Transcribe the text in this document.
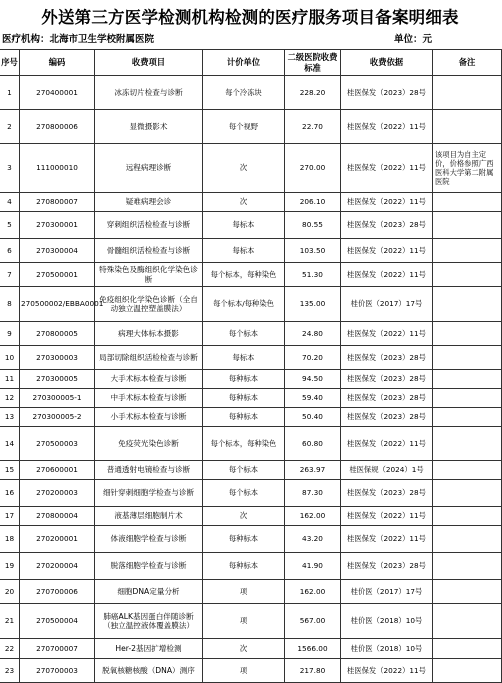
外送第三方医学检测机构检测的医疗服务项目备案明细表
医疗机构：北海市卫生学校附属医院	单位：元
序号	编码	收费项目	计价单位	二级医院收费标准	收费依据	备注
1	270400001	冰冻切片检查与诊断	每个冷冻块	228.20	桂医保发（2023）28号	
2	270800006	显微摄影术	每个视野	22.70	桂医保发（2022）11号	
3	111000010	远程病理诊断	次	270.00	桂医保发（2022）11号	该项目为自主定价，价格参照广西医科大学第二附属医院
4	270800007	疑难病理会诊	次	206.10	桂医保发（2022）11号	
5	270300001	穿刺组织活检检查与诊断	每标本	80.55	桂医保发（2023）28号	
6	270300004	骨髓组织活检检查与诊断	每标本	103.50	桂医保发（2022）11号	
7	270500001	特殊染色及酶组织化学染色诊断	每个标本，每种染色	51.30	桂医保发（2022）11号	
8	270500002/EBBA0001	免疫组织化学染色诊断（全自动独立温控塑盖膜法）	每个标本/每种染色	135.00	桂价医（2017）17号	
9	270800005	病理大体标本摄影	每个标本	24.80	桂医保发（2022）11号	
10	270300003	局部切除组织活检检查与诊断	每标本	70.20	桂医保发（2023）28号	
11	270300005	大手术标本检查与诊断	每种标本	94.50	桂医保发（2023）28号	
12	270300005-1	中手术标本检查与诊断	每种标本	59.40	桂医保发（2023）28号	
13	270300005-2	小手术标本检查与诊断	每种标本	50.40	桂医保发（2023）28号	
14	270500003	免疫荧光染色诊断	每个标本，每种染色	60.80	桂医保发（2022）11号	
15	270600001	普通透射电镜检查与诊断	每个标本	263.97	桂医保规（2024）1号	
16	270200003	细针穿刺细胞学检查与诊断	每个标本	87.30	桂医保发（2023）28号	
17	270800004	液基薄层细胞制片术	次	162.00	桂医保发（2022）11号	
18	270200001	体液细胞学检查与诊断	每种标本	43.20	桂医保发（2022）11号	
19	270200004	脱落细胞学检查与诊断	每种标本	41.90	桂医保发（2023）28号	
20	270700006	细胞DNA定量分析	项	162.00	桂价医（2017）17号	
21	270500004	肺癌ALK基因蛋白伴随诊断（独立温控液体覆盖膜法）	项	567.00	桂价医（2018）10号	
22	270700007	Her-2基因扩增检测	次	1566.00	桂价医（2018）10号	
23	270700003	脱氧核糖核酸（DNA）测序	项	217.80	桂医保发（2022）11号	
